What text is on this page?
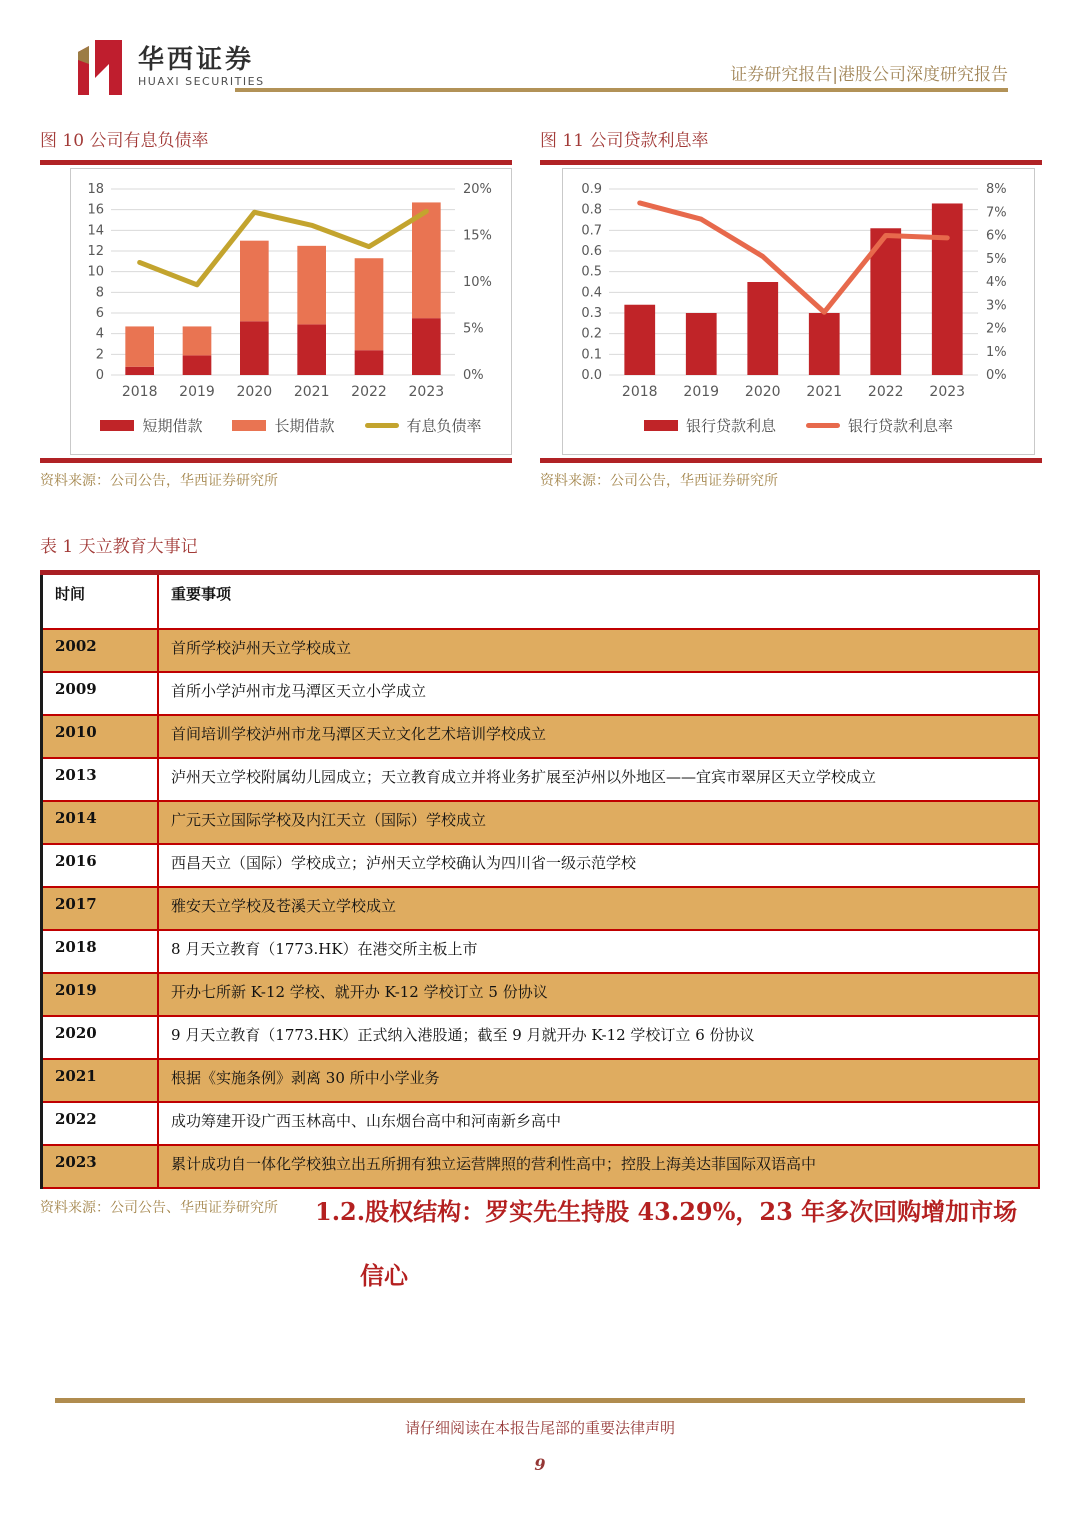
华西证券
HUAXI SECURITIES	证券研究报告|港股公司深度研究报告
图 10 公司有息负债率
0
2
4
6
8
10
12
14
16
18
0%
5%
10%
15%
20%
2018 2019 2020 2021 2022 2023
短期借款	长期借款	有息负债率
资料来源：公司公告，华西证券研究所
图 11 公司贷款利息率
0.0
0.1
0.2
0.3
0.4
0.5
0.6
0.7
0.8
0.9
0%
1%
2%
3%
4%
5%
6%
7%
8%
2018 2019 2020 2021 2022 2023
银行贷款利息	银行贷款利息率
资料来源：公司公告，华西证券研究所
表 1 天立教育大事记
时间	重要事项
2002	首所学校泸州天立学校成立
2009	首所小学泸州市龙马潭区天立小学成立
2010	首间培训学校泸州市龙马潭区天立文化艺术培训学校成立
2013	泸州天立学校附属幼儿园成立；天立教育成立并将业务扩展至泸州以外地区——宜宾市翠屏区天立学校成立
2014	广元天立国际学校及内江天立（国际）学校成立
2016	西昌天立（国际）学校成立；泸州天立学校确认为四川省一级示范学校
2017	雅安天立学校及苍溪天立学校成立
2018	8 月天立教育（1773.HK）在港交所主板上市
2019	开办七所新 K-12 学校、就开办 K-12 学校订立 5 份协议
2020	9 月天立教育（1773.HK）正式纳入港股通；截至 9 月就开办 K-12 学校订立 6 份协议
2021	根据《实施条例》剥离 30 所中小学业务
2022	成功筹建开设广西玉林高中、山东烟台高中和河南新乡高中
2023	累计成功自一体化学校独立出五所拥有独立运营牌照的营利性高中；控股上海美达菲国际双语高中
资料来源：公司公告、华西证券研究所	1.2.股权结构：罗实先生持股 43.29%，23 年多次回购增加市场
信心
请仔细阅读在本报告尾部的重要法律声明
9
